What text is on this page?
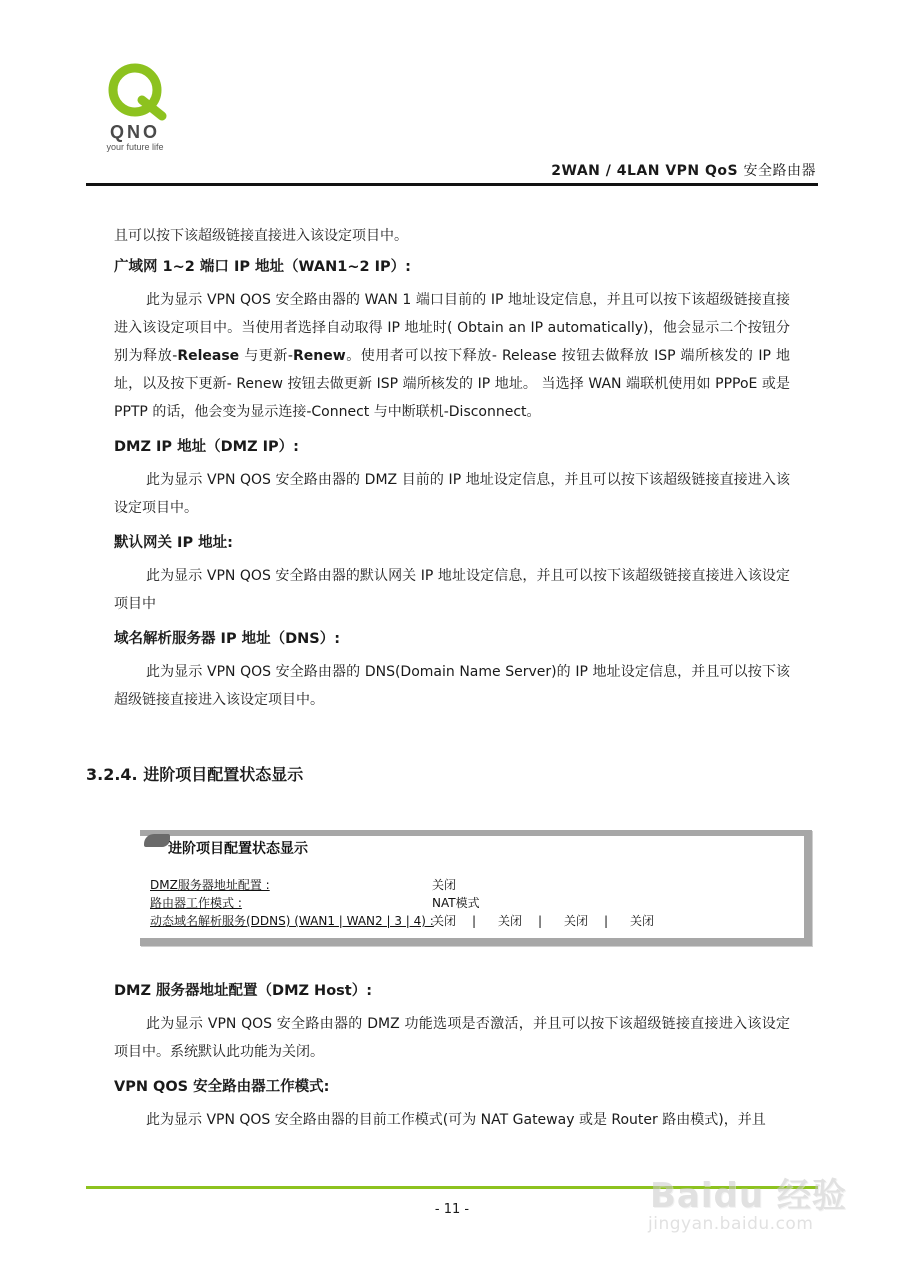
QNO
your future life
2WAN / 4LAN VPN QoS 安全路由器

且可以按下该超级链接直接进入该设定项目中。

广域网 1~2 端口 IP 地址（WAN1~2 IP）:

此为显示 VPN QOS 安全路由器的 WAN 1 端口目前的 IP 地址设定信息，并且可以按下该超级链接直接进入该设定项目中。当使用者选择自动取得 IP 地址时( Obtain an IP automatically)，他会显示二个按钮分别为释放-Release 与更新-Renew。使用者可以按下释放- Release 按钮去做释放 ISP 端所核发的 IP 地址，以及按下更新- Renew 按钮去做更新 ISP 端所核发的 IP 地址。 当选择 WAN 端联机使用如 PPPoE 或是 PPTP 的话，他会变为显示连接-Connect 与中断联机-Disconnect。

DMZ IP 地址（DMZ IP）:

此为显示 VPN QOS 安全路由器的 DMZ 目前的 IP 地址设定信息，并且可以按下该超级链接直接进入该设定项目中。

默认网关 IP 地址:

此为显示 VPN QOS 安全路由器的默认网关 IP 地址设定信息，并且可以按下该超级链接直接进入该设定项目中

域名解析服务器 IP 地址（DNS）:

此为显示 VPN QOS 安全路由器的 DNS(Domain Name Server)的 IP 地址设定信息，并且可以按下该超级链接直接进入该设定项目中。

3.2.4. 进阶项目配置状态显示
进阶项目配置状态显示
DMZ服务器地址配置 :	关闭
路由器工作模式 :	NAT模式
动态域名解析服务(DDNS) (WAN1 | WAN2 | 3 | 4) :关闭 | 关闭 | 关闭 | 关闭
DMZ 服务器地址配置（DMZ Host）:

此为显示 VPN QOS 安全路由器的 DMZ 功能选项是否激活，并且可以按下该超级链接直接进入该设定项目中。系统默认此功能为关闭。

VPN QOS 安全路由器工作模式:

此为显示 VPN QOS 安全路由器的目前工作模式(可为 NAT Gateway 或是 Router 路由模式)，并且

- 11 -	Baidu 经验
jingyan.baidu.com
